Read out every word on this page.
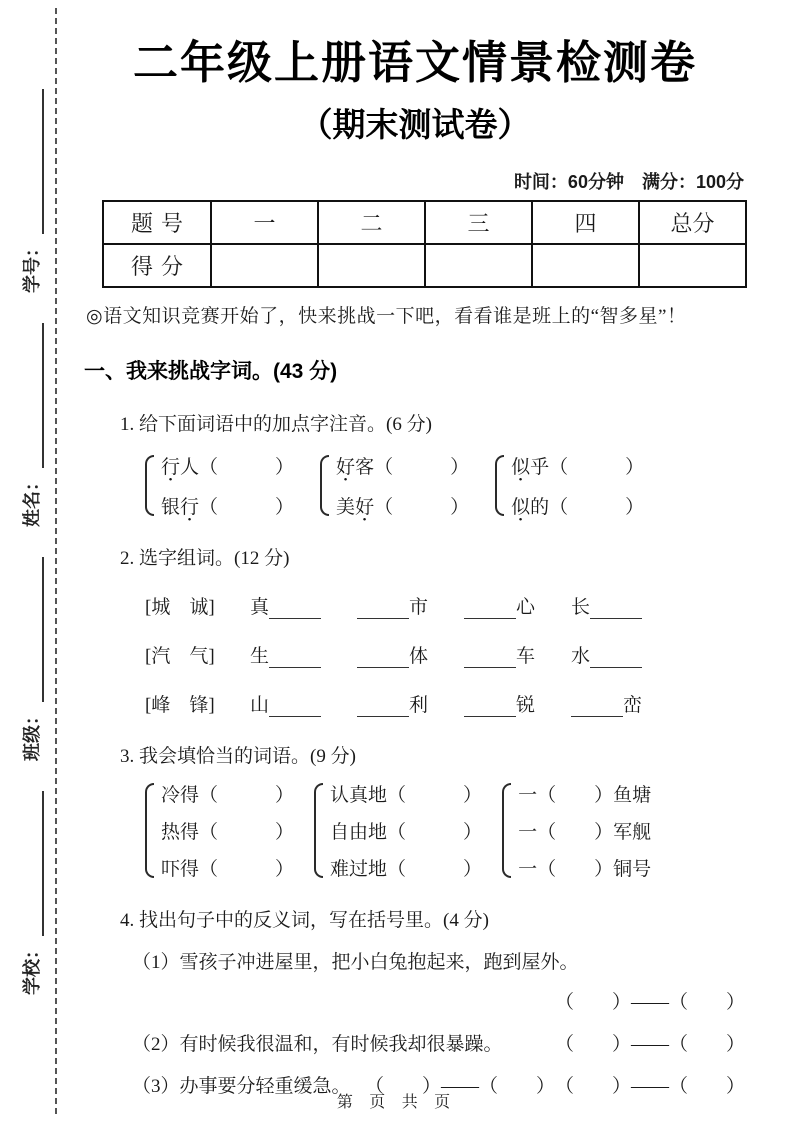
学校：
班级：
姓名：
学号：
二年级上册语文情景检测卷
（期末测试卷）
时间：60分钟　满分：100分
题号	一	二	三	四	总分
得分					
◎语文知识竞赛开始了，快来挑战一下吧，看看谁是班上的“智多星”！
一、我来挑战字词。(43 分)
1. 给下面词语中的加点字注音。(6 分)
行人（　　　）
银行（　　　）
好客（　　　）
美好（　　　）
似乎（　　　）
似的（　　　）
2. 选字组词。(12 分)
[城　诚]	真	市	心 长
[汽　气]	生	体	车 水
[峰　锋]	山	利	锐	峦
3. 我会填恰当的词语。(9 分)
冷得（　　　）
热得（　　　）
吓得（　　　）
认真地（　　　）
自由地（　　　）
难过地（　　　）
一（　　）鱼塘
一（　　）军舰
一（　　）铜号
4. 找出句子中的反义词，写在括号里。(4 分)
（1）雪孩子冲进屋里，把小白兔抱起来，跑到屋外。
（　　）——（　　）
（2）有时候我很温和，有时候我却很暴躁。	（　　）——（　　）
（3）办事要分轻重缓急。 （　　）——（　　）　（　　）——（　　）
第 页 共 页
